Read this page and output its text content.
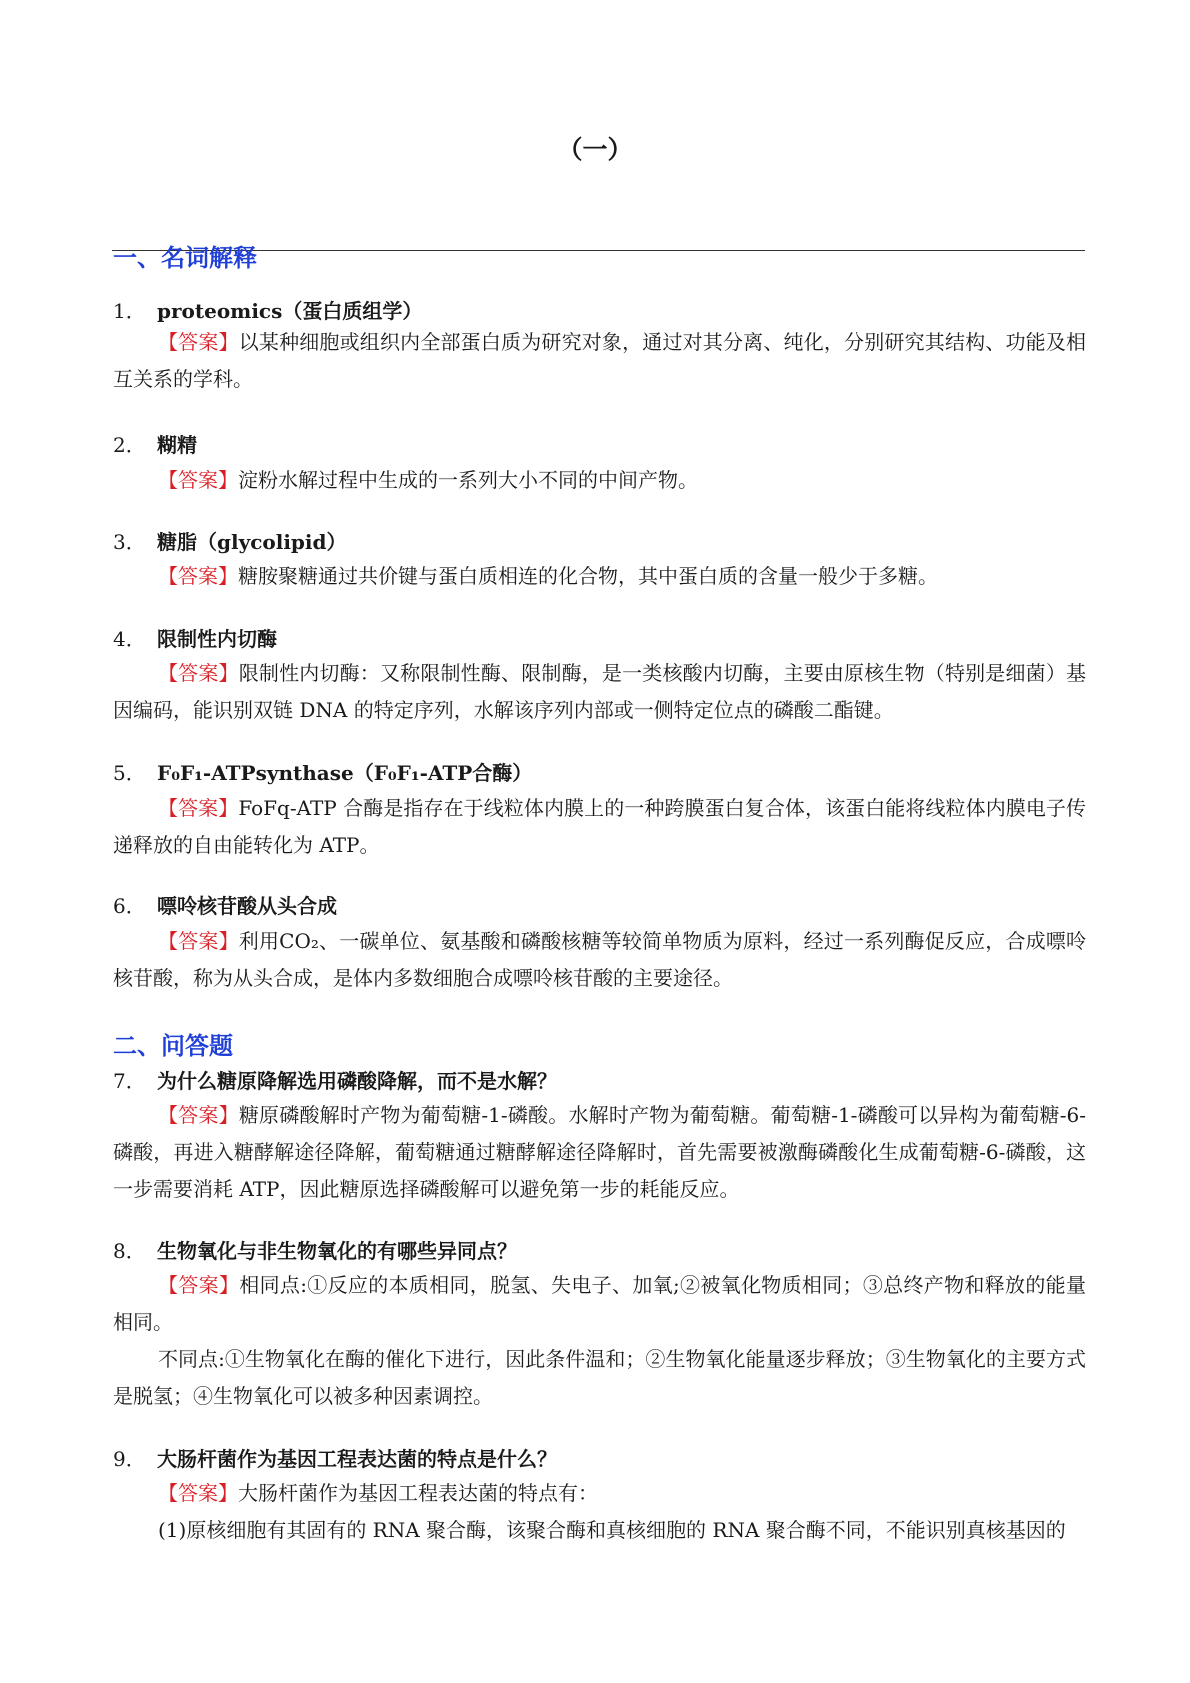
（一）
一、名词解释
1． proteomics（蛋白质组学）
【答案】以某种细胞或组织内全部蛋白质为研究对象，通过对其分离、纯化，分别研究其结构、功能及相互关系的学科。
2． 糊精
【答案】淀粉水解过程中生成的一系列大小不同的中间产物。
3． 糖脂（glycolipid）
【答案】糖胺聚糖通过共价键与蛋白质相连的化合物，其中蛋白质的含量一般少于多糖。
4． 限制性内切酶
【答案】限制性内切酶：又称限制性酶、限制酶，是一类核酸内切酶，主要由原核生物（特别是细菌）基因编码，能识别双链 DNA 的特定序列，水解该序列内部或一侧特定位点的磷酸二酯键。
5． F₀F₁-ATPsynthase（F₀F₁-ATP合酶）
【答案】FoFq-ATP 合酶是指存在于线粒体内膜上的一种跨膜蛋白复合体，该蛋白能将线粒体内膜电子传递释放的自由能转化为 ATP。
6． 嘌呤核苷酸从头合成
【答案】利用CO₂、一碳单位、氨基酸和磷酸核糖等较简单物质为原料，经过一系列酶促反应，合成嘌呤核苷酸，称为从头合成，是体内多数细胞合成嘌呤核苷酸的主要途径。
二、问答题
7． 为什么糖原降解选用磷酸降解，而不是水解？
【答案】糖原磷酸解时产物为葡萄糖-1-磷酸。水解时产物为葡萄糖。葡萄糖-1-磷酸可以异构为葡萄糖-6-磷酸，再进入糖酵解途径降解，葡萄糖通过糖酵解途径降解时，首先需要被激酶磷酸化生成葡萄糖-6-磷酸，这一步需要消耗 ATP，因此糖原选择磷酸解可以避免第一步的耗能反应。
8． 生物氧化与非生物氧化的有哪些异同点？
【答案】相同点:①反应的本质相同，脱氢、失电子、加氧;②被氧化物质相同；③总终产物和释放的能量相同。
不同点:①生物氧化在酶的催化下进行，因此条件温和；②生物氧化能量逐步释放；③生物氧化的主要方式是脱氢；④生物氧化可以被多种因素调控。
9． 大肠杆菌作为基因工程表达菌的特点是什么？
【答案】大肠杆菌作为基因工程表达菌的特点有：
(1)原核细胞有其固有的 RNA 聚合酶，该聚合酶和真核细胞的 RNA 聚合酶不同，不能识别真核基因的
